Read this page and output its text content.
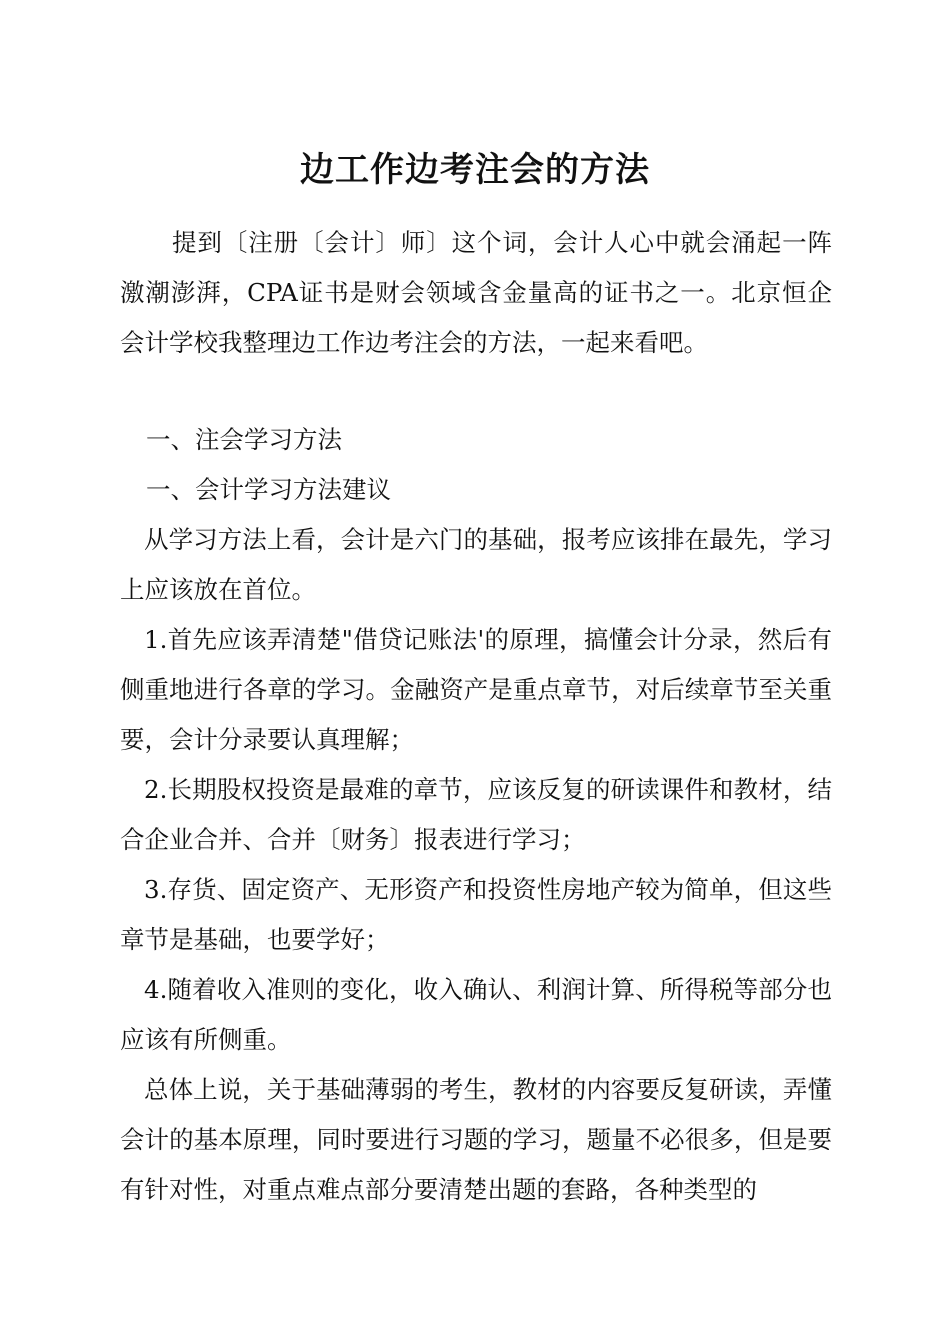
边工作边考注会的方法
提到〔注册〔会计〕师〕这个词，会计人心中就会涌起一阵激潮澎湃，CPA证书是财会领域含金量高的证书之一。北京恒企会计学校我整理边工作边考注会的方法，一起来看吧。
一、注会学习方法
一、会计学习方法建议

从学习方法上看，会计是六门的基础，报考应该排在最先，学习上应该放在首位。

1.首先应该弄清楚"借贷记账法'的原理，搞懂会计分录，然后有侧重地进行各章的学习。金融资产是重点章节，对后续章节至关重要，会计分录要认真理解；

2.长期股权投资是最难的章节，应该反复的研读课件和教材，结合企业合并、合并〔财务〕报表进行学习；

3.存货、固定资产、无形资产和投资性房地产较为简单，但这些章节是基础，也要学好；

4.随着收入准则的变化，收入确认、利润计算、所得税等部分也应该有所侧重。

总体上说，关于基础薄弱的考生，教材的内容要反复研读，弄懂会计的基本原理，同时要进行习题的学习，题量不必很多，但是要有针对性，对重点难点部分要清楚出题的套路，各种类型的
